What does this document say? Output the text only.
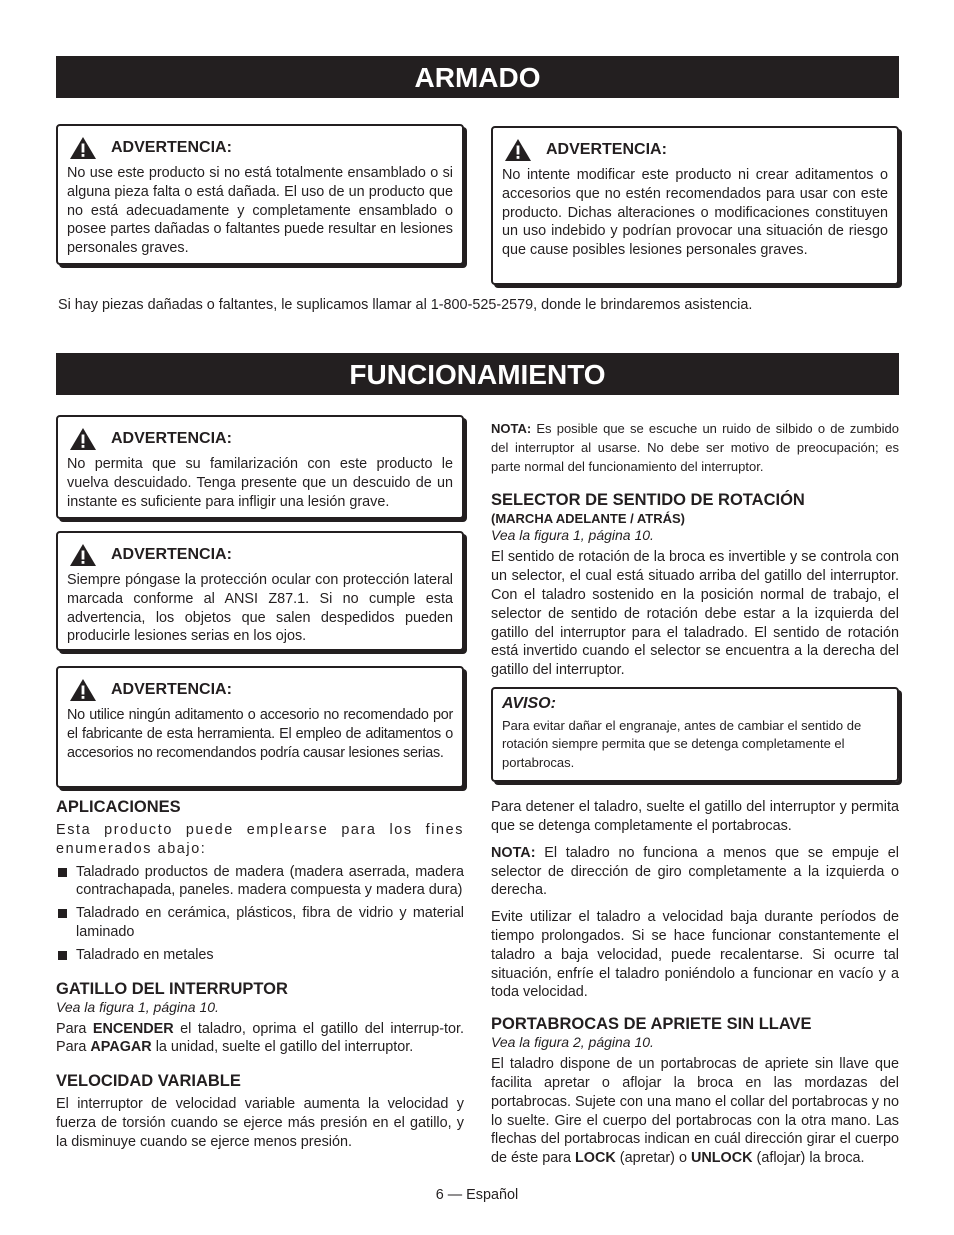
ARMADO
ADVERTENCIA:
No use este producto si no está totalmente ensamblado o si alguna pieza falta o está dañada. El uso de un producto que no está adecuadamente y completamente ensamblado o posee partes dañadas o faltantes puede resultar en lesiones personales graves.
ADVERTENCIA:
No intente modificar este producto ni crear aditamentos o accesorios que no estén recomendados para usar con este producto. Dichas alteraciones o modificaciones constituyen un uso indebido y podrían provocar una situación de riesgo que cause posibles lesiones personales graves.
Si hay piezas dañadas o faltantes, le suplicamos llamar al 1-800-525-2579, donde le brindaremos asistencia.
FUNCIONAMIENTO
ADVERTENCIA:
No permita que su familarización con este producto le vuelva descuidado. Tenga presente que un descuido de un instante es suficiente para infligir una lesión grave.
ADVERTENCIA:
Siempre póngase la protección ocular con protección lateral marcada conforme al ANSI Z87.1. Si no cumple esta advertencia, los objetos que salen despedidos pueden producirle lesiones serias en los ojos.
ADVERTENCIA:
No utilice ningún aditamento o accesorio no recomendado por el fabricante de esta herramienta. El empleo de aditamentos o accesorios no recomendandos podría causar lesiones serias.
APLICACIONES

Esta producto puede emplearse para los fines enumerados abajo:

Taladrado productos de madera (madera aserrada, madera contrachapada, paneles. madera compuesta y madera dura)
Taladrado en cerámica, plásticos, fibra de vidrio y material laminado
Taladrado en metales
GATILLO DEL INTERRUPTOR
Vea la figura 1, página 10.

Para ENCENDER el taladro, oprima el gatillo del interrup-tor. Para APAGAR la unidad, suelte el gatillo del interruptor.

VELOCIDAD VARIABLE

El interruptor de velocidad variable aumenta la velocidad y fuerza de torsión cuando se ejerce más presión en el gatillo, y la disminuye cuando se ejerce menos presión.

NOTA: Es posible que se escuche un ruido de silbido o de zumbido del interruptor al usarse. No debe ser motivo de preocupación; es parte normal del funcionamiento del interruptor.

SELECTOR DE SENTIDO DE ROTACIÓN
(MARCHA ADELANTE / ATRÁS)
Vea la figura 1, página 10.

El sentido de rotación de la broca es invertible y se controla con un selector, el cual está situado arriba del gatillo del interruptor. Con el taladro sostenido en la posición normal de trabajo, el selector de sentido de rotación debe estar a la izquierda del gatillo del interruptor para el taladrado. El sentido de rotación está invertido cuando el selector se encuentra a la derecha del gatillo del interruptor.

AVISO:
Para evitar dañar el engranaje, antes de cambiar el sentido de rotación siempre permita que se detenga completamente el portabrocas.

Para detener el taladro, suelte el gatillo del interruptor y permita que se detenga completamente el portabrocas.

NOTA: El taladro no funciona a menos que se empuje el selector de dirección de giro completamente a la izquierda o derecha.

Evite utilizar el taladro a velocidad baja durante períodos de tiempo prolongados. Si se hace funcionar constantemente el taladro a baja velocidad, puede recalentarse. Si ocurre tal situación, enfríe el taladro poniéndolo a funcionar en vacío y a toda velocidad.

PORTABROCAS DE APRIETE SIN LLAVE
Vea la figura 2, página 10.

El taladro dispone de un portabrocas de apriete sin llave que facilita apretar o aflojar la broca en las mordazas del portabrocas. Sujete con una mano el collar del portabrocas y no lo suelte. Gire el cuerpo del portabrocas con la otra mano. Las flechas del portabrocas indican en cuál dirección girar el cuerpo de éste para LOCK (apretar) o UNLOCK (aflojar) la broca.

6 — Español
